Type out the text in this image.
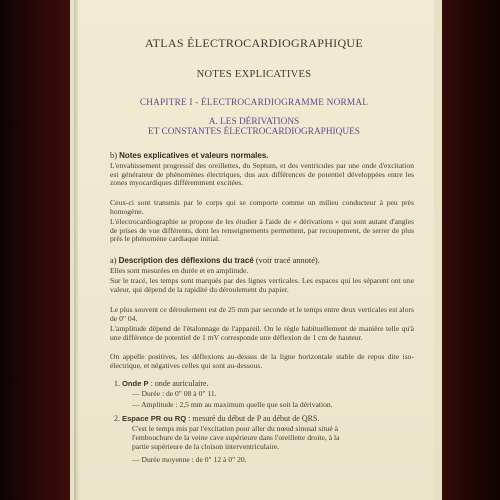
ATLAS ÉLECTROCARDIOGRAPHIQUE
NOTES EXPLICATIVES
CHAPITRE I - ÉLECTROCARDIOGRAMME NORMAL
A. LES DÉRIVATIONS
ET CONSTANTES ÉLECTROCARDIOGRAPHIQUES
b) Notes explicatives et valeurs normales.
L'envahissement progressif des oreillettes, du Septum, et des ventricules par une onde d'excitation est générateur de phénomènes électriques, dus aux différences de potentiel développées entre les zones myocardiques différemment excitées.
Ceux-ci sont transmis par le corps qui se comporte comme un milieu conducteur à peu près homogène.
L'électrocardiographie se propose de les étudier à l'aide de « dérivations » qui sont autant d'angles de prises de vue différents, dont les renseignements permettent, par recoupement, de serrer de plus près le phénomène cardiaque initial.
a) Description des déflexions du tracé (voir tracé annoté).
Elles sont mesurées en durée et en amplitude.
Sur le tracé, les temps sont marqués par des lignes verticales. Les espaces qui les séparent ont une valeur, qui dépend de la rapidité du déroulement du papier.
Le plus souvent ce déroulement est de 25 mm par seconde et le temps entre deux verticales est alors de 0" 04.
L'amplitude dépend de l'étalonnage de l'appareil. On le règle habituellement de manière telle qu'à une différence de potentiel de 1 mV corresponde une déflexion de 1 cm de hauteur.
On appelle positives, les déflexions au-dessus de la ligne horizontale stable de repos dite iso-électrique, et négatives celles qui sont au-dessous.
1. Onde P : onde auriculaire.
— Durée : de 0" 08 à 0" 11.
— Amplitude : 2,5 mm au maximum quelle que soit la dérivation.
2. Espace PR ou RQ : mesuré du début de P au début de QRS.
C'est le temps mis par l'excitation pour aller du nœud sinusal situé à
l'embouchure de la veine cave supérieure dans l'oreillette droite, à la
partie supérieure de la cloison interventriculaire.
— Durée moyenne : de 0" 12 à 0" 20.
